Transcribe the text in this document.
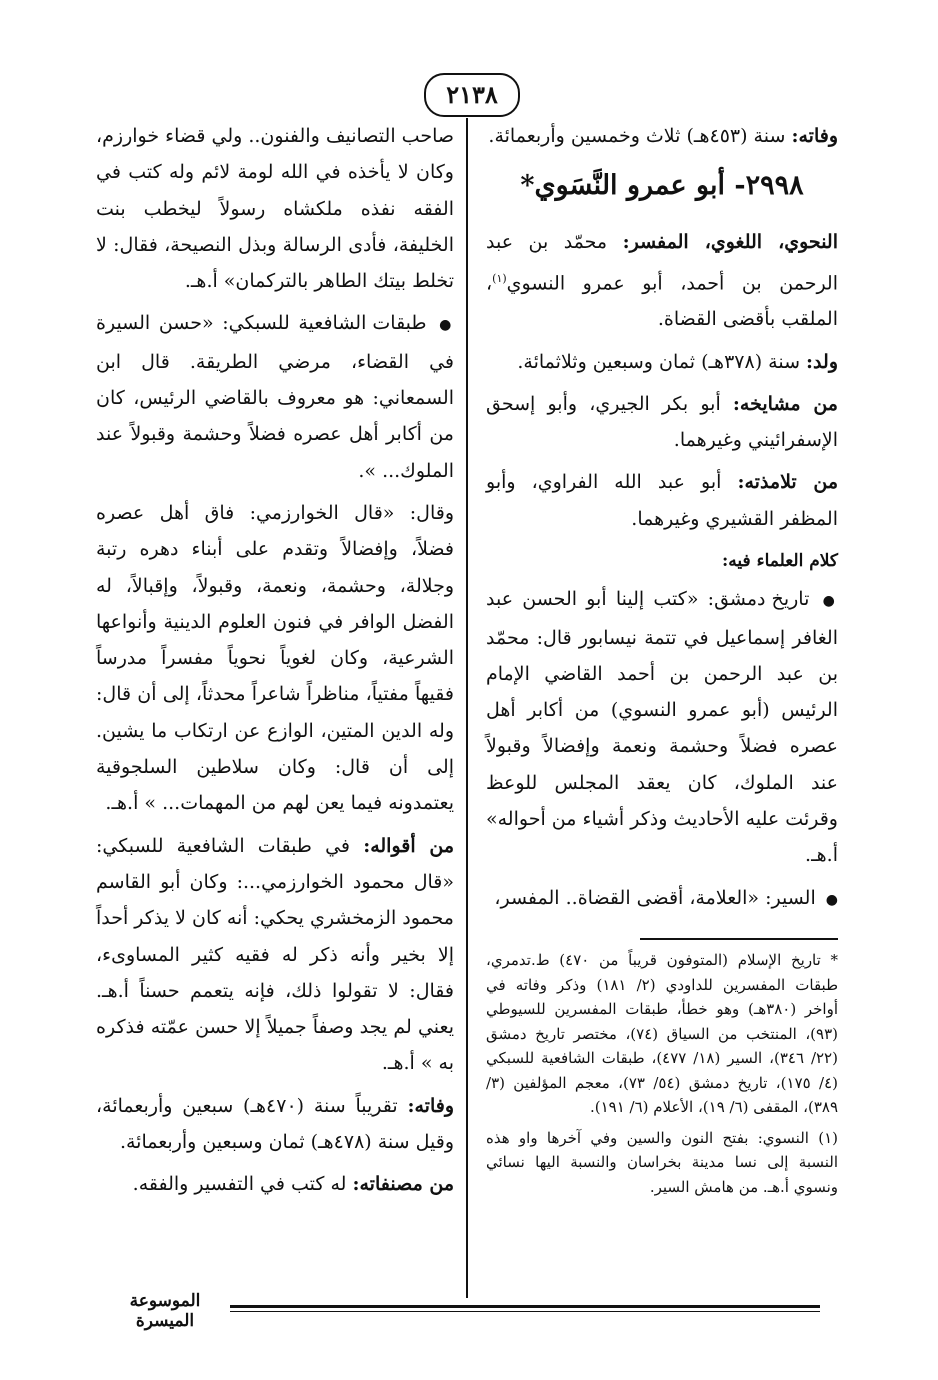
٢١٣٨

وفاته: سنة (٤٥٣هـ) ثلاث وخمسين وأربعمائة.

٢٩٩٨- أبو عمرو النَّسَوي*

النحوي، اللغوي، المفسر: محمّد بن عبد الرحمن بن أحمد، أبو عمرو النسوي$^{(١)}$، الملقب بأقضى القضاة.

ولد: سنة (٣٧٨هـ) ثمان وسبعين وثلاثمائة.

من مشايخه: أبو بكر الجيري، وأبو إسحق الإسفرائيني وغيرهما.

من تلامذته: أبو عبد الله الفراوي، وأبو المظفر القشيري وغيرهما.

كلام العلماء فيه:

● تاريخ دمشق: «كتب إلينا أبو الحسن عبد الغافر إسماعيل في تتمة نيسابور قال: محمّد بن عبد الرحمن بن أحمد القاضي الإمام الرئيس (أبو عمرو النسوي) من أكابر أهل عصره فضلاً وحشمة ونعمة وإفضالاً وقبولاً عند الملوك، كان يعقد المجلس للوعظ وقرئت عليه الأحاديث وذكر أشياء من أحواله» أ.هـ.

● السير: «العلامة، أقضى القضاة.. المفسر،

* تاريخ الإسلام (المتوفون قريباً من ٤٧٠) ط.تدمري، طبقات المفسرين للداودي (٢/ ١٨١) وذكر وفاته في أواخر (٣٨٠هـ) وهو خطأ، طبقات المفسرين للسيوطي (٩٣)، المنتخب من السياق (٧٤)، مختصر تاريخ دمشق (٢٢/ ٣٤٦)، السير (١٨/ ٤٧٧)، طبقات الشافعية للسبكي (٤/ ١٧٥)، تاريخ دمشق (٥٤/ ٧٣)، معجم المؤلفين (٣/ ٣٨٩)، المقفى (٦/ ١٩)، الأعلام (٦/ ١٩١).

(١) النسوي: بفتح النون والسين وفي آخرها واو هذه النسبة إلى نسا مدينة بخراسان والنسبة اليها نسائي ونسوي أ.هـ. من هامش السير.

صاحب التصانيف والفنون.. ولي قضاء خوارزم، وكان لا يأخذه في الله لومة لائم وله كتب في الفقه نفذه ملكشاه رسولاً ليخطب بنت الخليفة، فأدى الرسالة وبذل النصيحة، فقال: لا تخلط بيتك الطاهر بالتركمان» أ.هـ.

● طبقات الشافعية للسبكي: «حسن السيرة في القضاء، مرضي الطريقة. قال ابن السمعاني: هو معروف بالقاضي الرئيس، كان من أكابر أهل عصره فضلاً وحشمة وقبولاً عند الملوك... ».

وقال: «قال الخوارزمي: فاق أهل عصره فضلاً، وإفضالاً وتقدم على أبناء دهره رتبة وجلالة، وحشمة، ونعمة، وقبولاً، وإقبالاً، له الفضل الوافر في فنون العلوم الدينية وأنواعها الشرعية، وكان لغوياً نحوياً مفسراً مدرساً فقيهاً مفتياً، مناظراً شاعراً محدثاً، إلى أن قال: وله الدين المتين، الوازع عن ارتكاب ما يشين. إلى أن قال: وكان سلاطين السلجوقية يعتمدونه فيما يعن لهم من المهمات... » أ.هـ.

من أقواله: في طبقات الشافعية للسبكي: «قال محمود الخوارزمي...: وكان أبو القاسم محمود الزمخشري يحكي: أنه كان لا يذكر أحداً إلا بخير وأنه ذكر له فقيه كثير المساوىء، فقال: لا تقولوا ذلك، فإنه يتعمم حسناً أ.هـ. يعني لم يجد وصفاً جميلاً إلا حسن عمّته فذكره به » أ.هـ.

وفاته: تقريباً سنة (٤٧٠هـ) سبعين وأربعمائة، وقيل سنة (٤٧٨هـ) ثمان وسبعين وأربعمائة.

من مصنفاته: له كتب في التفسير والفقه.

الموسوعة الميسرة
